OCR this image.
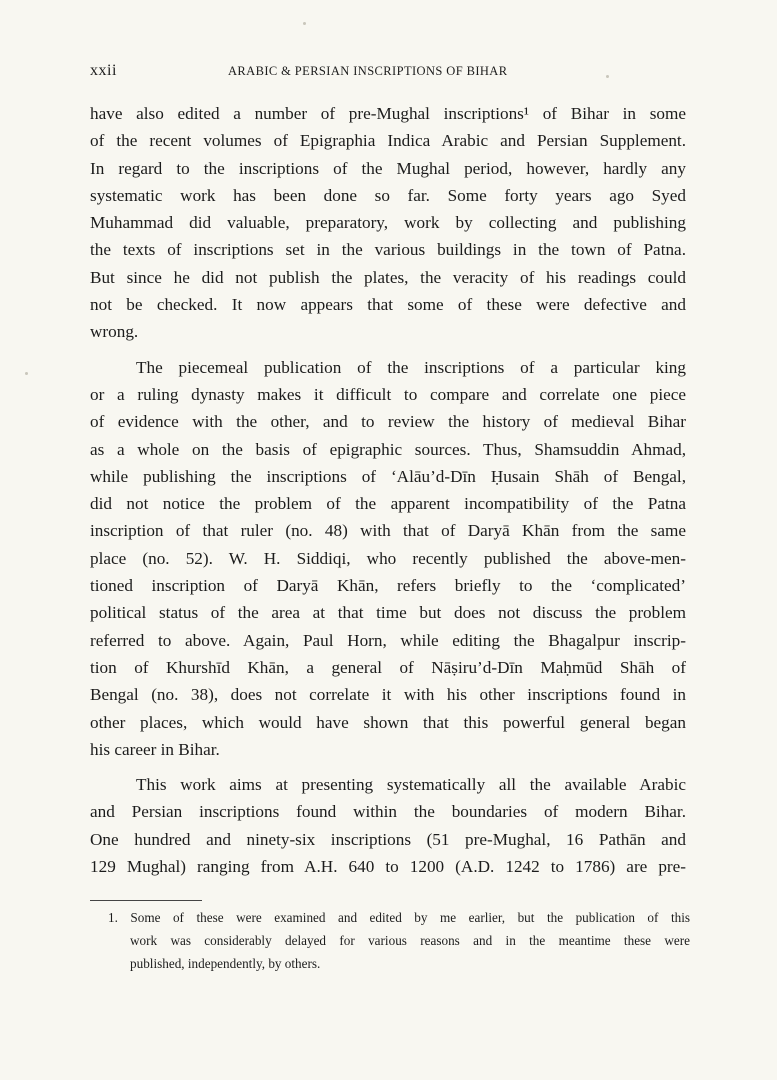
xxii	ARABIC & PERSIAN INSCRIPTIONS OF BIHAR

have also edited a number of pre-Mughal inscriptions¹ of Bihar in some
of the recent volumes of Epigraphia Indica Arabic and Persian Supplement.
In regard to the inscriptions of the Mughal period, however, hardly any
systematic work has been done so far. Some forty years ago Syed
Muhammad did valuable, preparatory, work by collecting and publishing
the texts of inscriptions set in the various buildings in the town of Patna.
But since he did not publish the plates, the veracity of his readings could
not be checked. It now appears that some of these were defective and
wrong.

The piecemeal publication of the inscriptions of a particular king
or a ruling dynasty makes it difficult to compare and correlate one piece
of evidence with the other, and to review the history of medieval Bihar
as a whole on the basis of epigraphic sources. Thus, Shamsuddin Ahmad,
while publishing the inscriptions of ‘Alāu’d-Dīn Ḥusain Shāh of Bengal,
did not notice the problem of the apparent incompatibility of the Patna
inscription of that ruler (no. 48) with that of Daryā Khān from the same
place (no. 52). W. H. Siddiqi, who recently published the above-men-
tioned inscription of Daryā Khān, refers briefly to the ‘complicated’
political status of the area at that time but does not discuss the problem
referred to above. Again, Paul Horn, while editing the Bhagalpur inscrip-
tion of Khurshīd Khān, a general of Nāṣiru’d-Dīn Maḥmūd Shāh of
Bengal (no. 38), does not correlate it with his other inscriptions found in
other places, which would have shown that this powerful general began
his career in Bihar.

This work aims at presenting systematically all the available Arabic
and Persian inscriptions found within the boundaries of modern Bihar.
One hundred and ninety-six inscriptions (51 pre-Mughal, 16 Pathān and
129 Mughal) ranging from A.H. 640 to 1200 (A.D. 1242 to 1786) are pre-

1. Some of these were examined and edited by me earlier, but the publication of this
work was considerably delayed for various reasons and in the meantime these were
published, independently, by others.
